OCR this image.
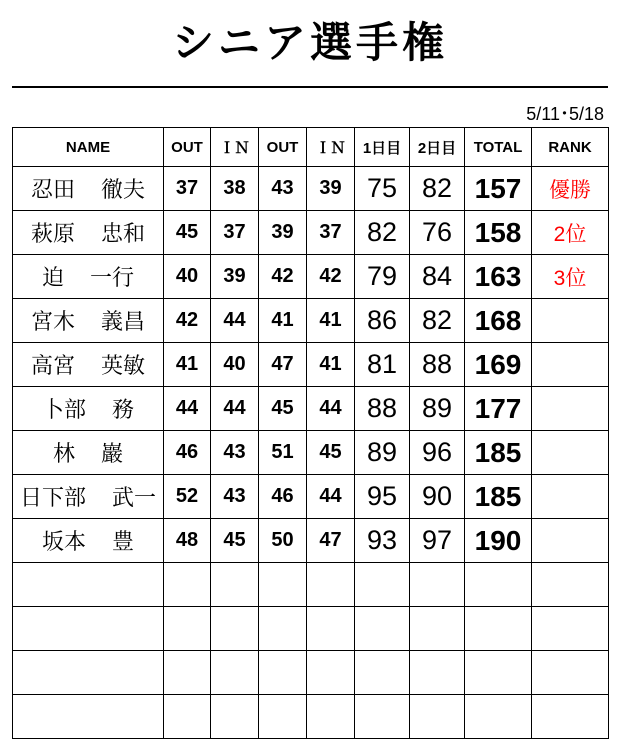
シニア選手権
5/11･5/18
NAME	OUT	ＩＮ	OUT	ＩＮ	1日目	2日目	TOTAL	RANK

忍田 徹夫	37	38	43	39	75	82	157	優勝

萩原 忠和	45	37	39	37	82	76	158	2位

迫 一行	40	39	42	42	79	84	163	3位

宮木 義昌	42	44	41	41	86	82	168	

高宮 英敏	41	40	47	41	81	88	169	

卜部 務	44	44	45	44	88	89	177	

林 巖	46	43	51	45	89	96	185	

日下部 武一	52	43	46	44	95	90	185	

坂本 豊	48	45	50	47	93	97	190	
